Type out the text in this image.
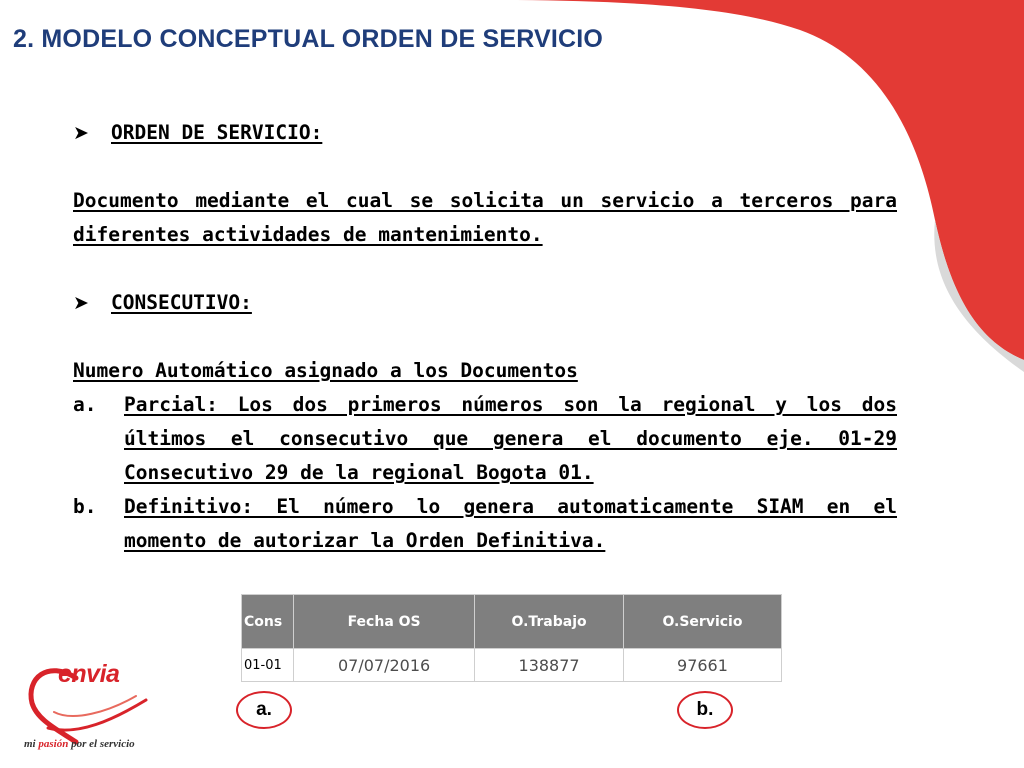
2. MODELO CONCEPTUAL ORDEN DE SERVICIO
➤	ORDEN DE SERVICIO:

Documento mediante el cual se solicita un servicio a terceros para diferentes actividades de mantenimiento.

➤	CONSECUTIVO:

Numero Automático asignado a los Documentos

a.	Parcial: Los dos primeros números son la regional y los dos últimos el consecutivo que genera el documento eje. 01-29 Consecutivo 29 de la regional Bogota 01.
b.	Definitivo: El número lo genera automaticamente SIAM en el momento de autorizar la Orden Definitiva.
Cons	Fecha OS	O.Trabajo	O.Servicio
01-01	07/07/2016	138877	97661
a.	b.
envia
mi pasión por el servicio
